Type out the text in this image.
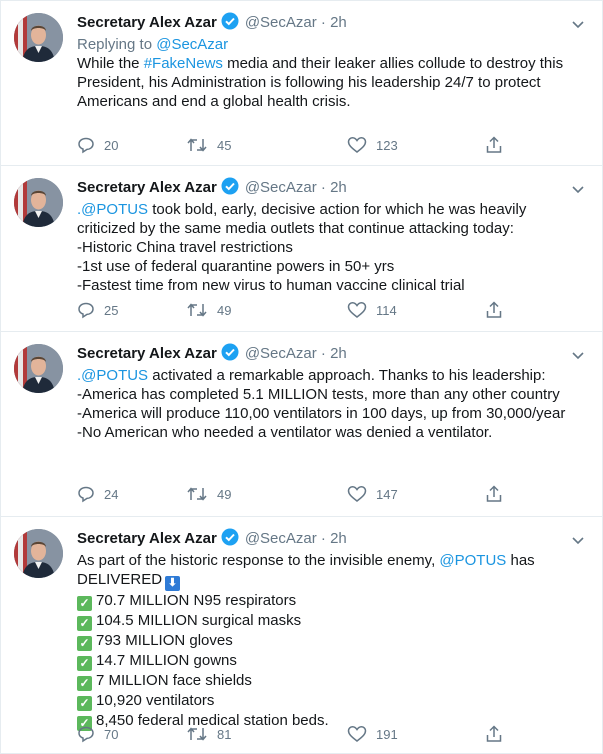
Secretary Alex Azar @SecAzar · 2h
Replying to @SecAzar
While the #FakeNews media and their leaker allies collude to destroy this President, his Administration is following his leadership 24/7 to protect Americans and end a global health crisis.
20	45	123
Secretary Alex Azar @SecAzar · 2h

.@POTUS took bold, early, decisive action for which he was heavily criticized by the same media outlets that continue attacking today:

-Historic China travel restrictions

-1st use of federal quarantine powers in 50+ yrs

-Fastest time from new virus to human vaccine clinical trial

25	49	114
Secretary Alex Azar @SecAzar · 2h

.@POTUS activated a remarkable approach. Thanks to his leadership:

-America has completed 5.1 MILLION tests, more than any other country

-America will produce 110,00 ventilators in 100 days, up from 30,000/year

-No American who needed a ventilator was denied a ventilator.

24	49	147
Secretary Alex Azar @SecAzar · 2h

As part of the historic response to the invisible enemy, @POTUS has DELIVERED ⬇

✓ 70.7 MILLION N95 respirators

✓ 104.5 MILLION surgical masks

✓ 793 MILLION gloves

✓ 14.7 MILLION gowns

✓ 7 MILLION face shields

✓ 10,920 ventilators

✓ 8,450 federal medical station beds.

70	81	191
